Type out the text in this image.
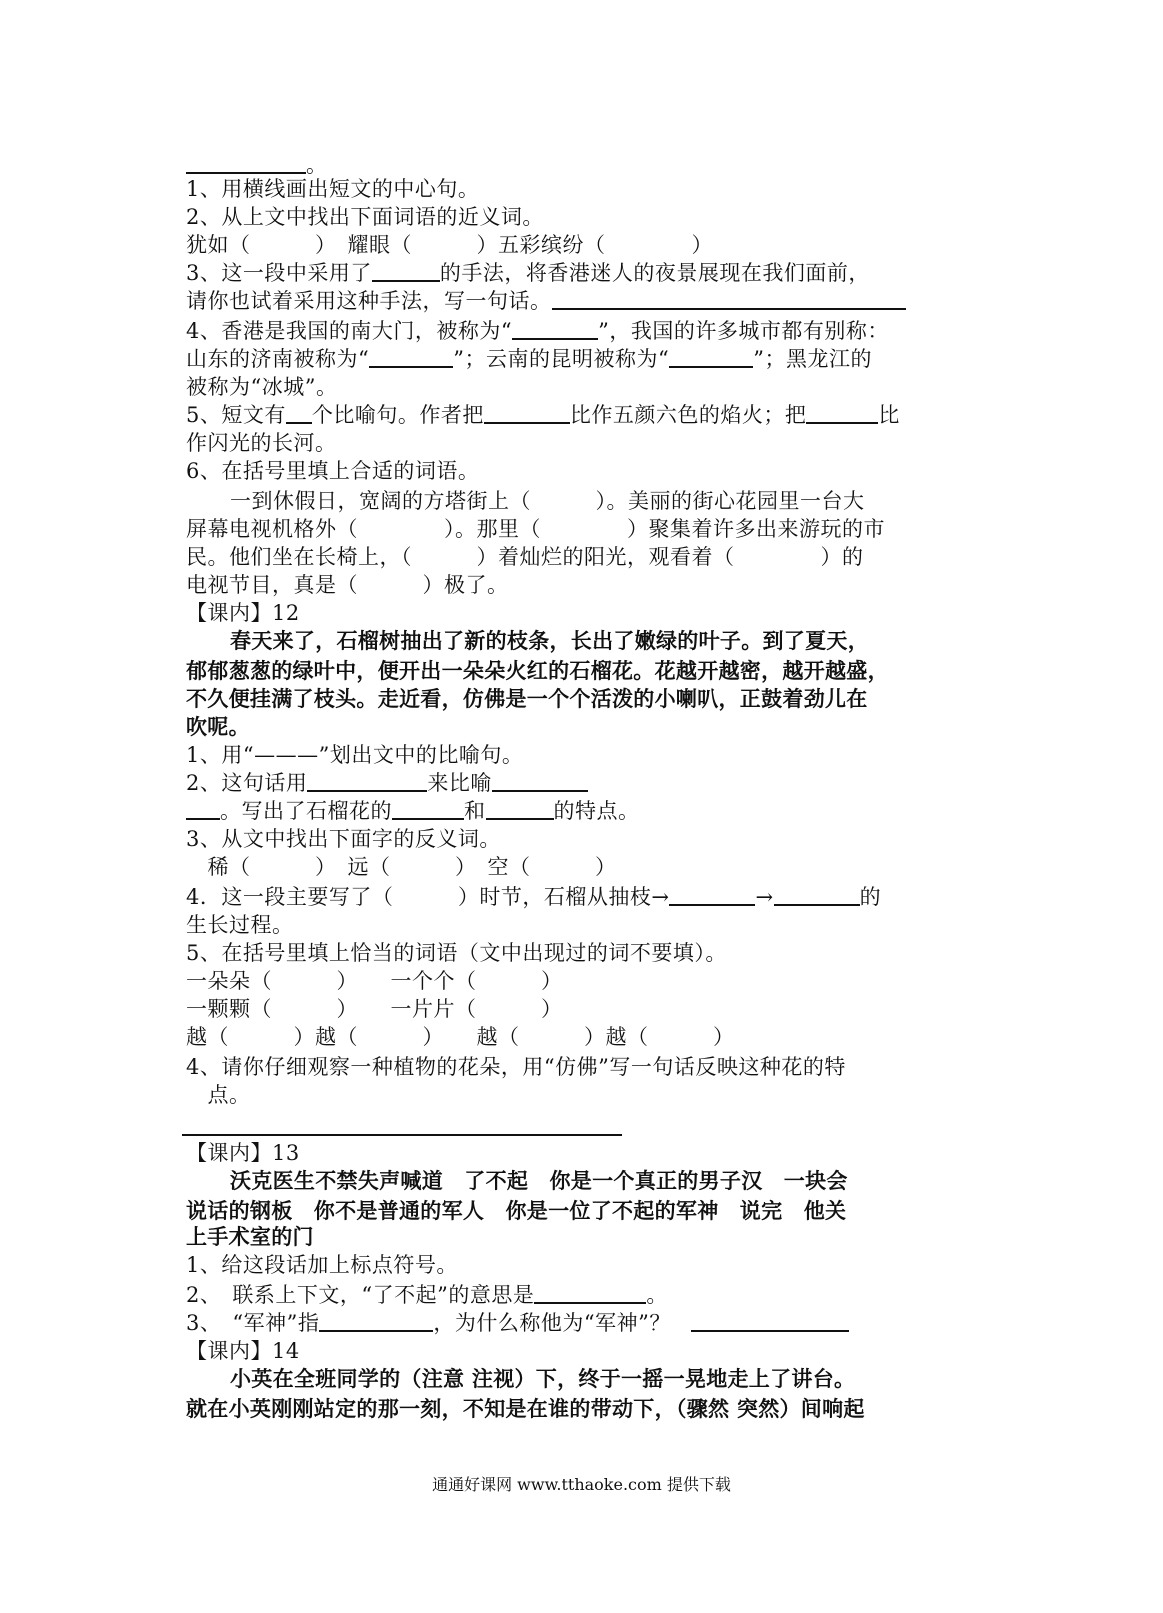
。
1、用横线画出短文的中心句。
2、从上文中找出下面词语的近义词。
犹如（　　　）　耀眼（　　　）五彩缤纷（　　　　）
3、这一段中采用了	的手法，将香港迷人的夜景展现在我们面前，
请你也试着采用这种手法，写一句话。
4、香港是我国的南大门，被称为“	”，我国的许多城市都有别称：
山东的济南被称为“	”；云南的昆明被称为“	”；黑龙江的
被称为“冰城”。
5、短文有 个比喻句。作者把	比作五颜六色的焰火；把	比
作闪光的长河。
6、在括号里填上合适的词语。
一到休假日，宽阔的方塔街上（　　　）。美丽的街心花园里一台大
屏幕电视机格外（　　　　）。那里（　　　　）聚集着许多出来游玩的市
民。他们坐在长椅上，（　　　）着灿烂的阳光，观看着（　　　　）的
电视节目，真是（　　　）极了。
【课内】12
春天来了，石榴树抽出了新的枝条，长出了嫩绿的叶子。到了夏天，
郁郁葱葱的绿叶中，便开出一朵朵火红的石榴花。花越开越密，越开越盛，
不久便挂满了枝头。走近看，仿佛是一个个活泼的小喇叭，正鼓着劲儿在
吹呢。
1、用“———”划出文中的比喻句。
2、这句话用	来比喻
。写出了石榴花的	和	的特点。
3、从文中找出下面字的反义词。
　稀（　　　）　远（　　　）　空（　　　）
4．这一段主要写了（　　　）时节，石榴从抽枝→	→	的
生长过程。
5、在括号里填上恰当的词语（文中出现过的词不要填）。
一朵朵（　　　）　　一个个（　　　）
一颗颗（　　　）　　一片片（　　　）
越（　　　）越（　　　）　　越（　　　）越（　　　）
4、请你仔细观察一种植物的花朵，用“仿佛”写一句话反映这种花的特
　点。
【课内】13
沃克医生不禁失声喊道　了不起　你是一个真正的男子汉　一块会
说话的钢板　你不是普通的军人　你是一位了不起的军神　说完　他关
上手术室的门
1、给这段话加上标点符号。
2、　联系上下文，“了不起”的意思是	。
3、　“军神”指	，为什么称他为“军神”？
【课内】14
小英在全班同学的（注意 注视）下，终于一摇一晃地走上了讲台。
就在小英刚刚站定的那一刻，不知是在谁的带动下，（骤然 突然）间响起
通通好课网 www.tthaoke.com 提供下载
